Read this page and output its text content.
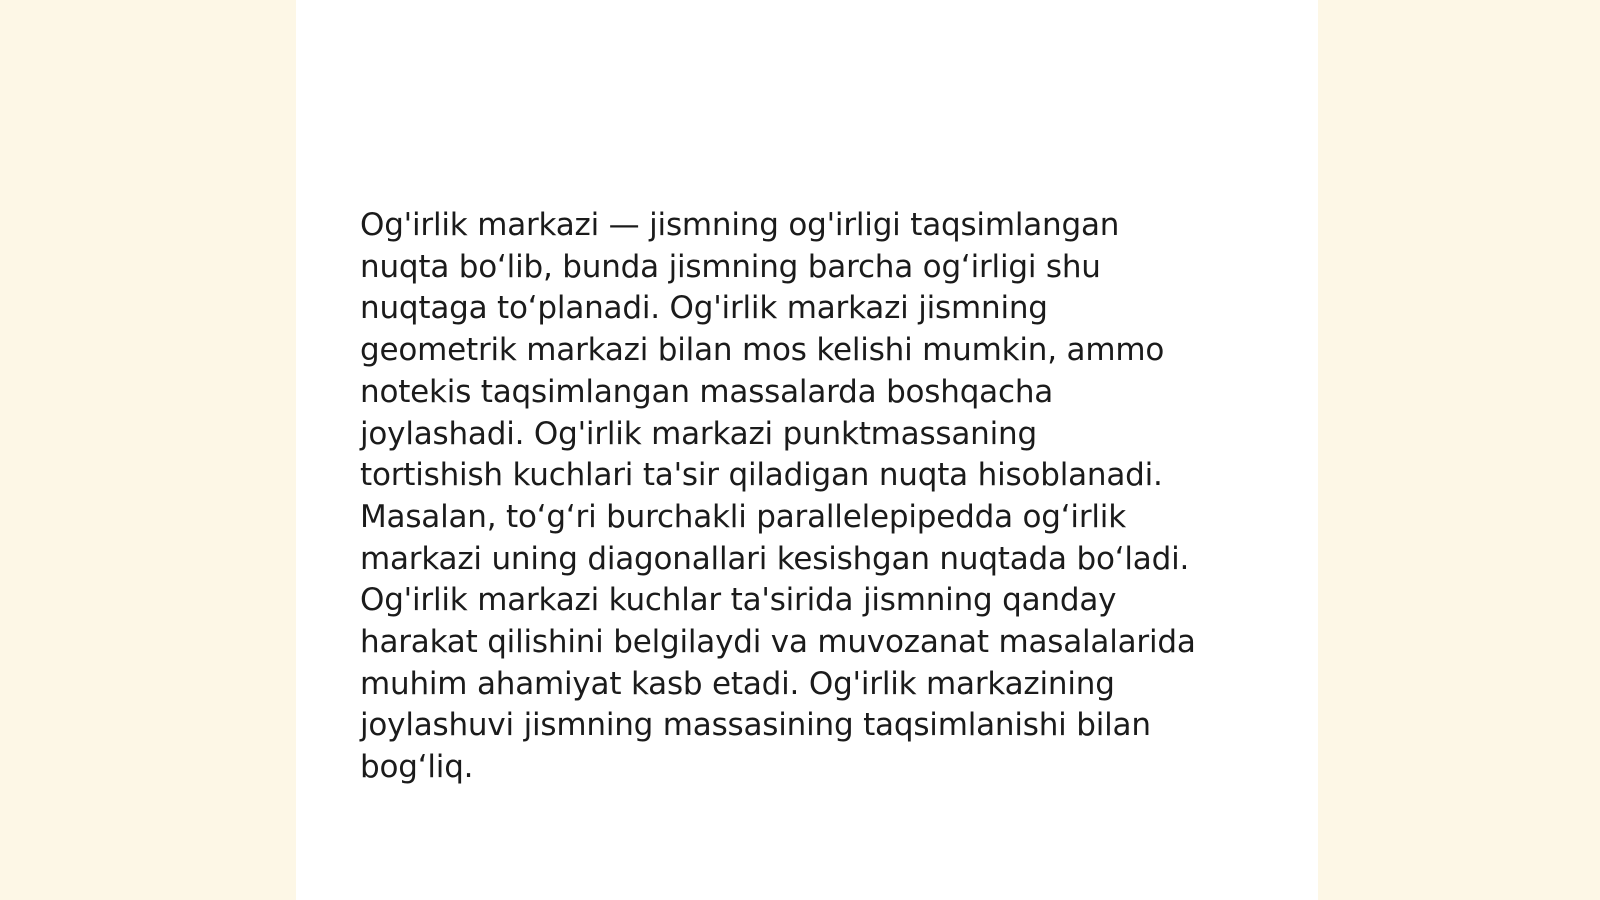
Og'irlik markazi — jismning og'irligi taqsimlangan
nuqta bo‘lib, bunda jismning barcha og‘irligi shu
nuqtaga to‘planadi. Og'irlik markazi jismning
geometrik markazi bilan mos kelishi mumkin, ammo
notekis taqsimlangan massalarda boshqacha
joylashadi. Og'irlik markazi punktmassaning
tortishish kuchlari ta'sir qiladigan nuqta hisoblanadi.
Masalan, to‘g‘ri burchakli parallelepipedda og‘irlik
markazi uning diagonallari kesishgan nuqtada bo‘ladi.
Og'irlik markazi kuchlar ta'sirida jismning qanday
harakat qilishini belgilaydi va muvozanat masalalarida
muhim ahamiyat kasb etadi. Og'irlik markazining
joylashuvi jismning massasining taqsimlanishi bilan
bog‘liq.
